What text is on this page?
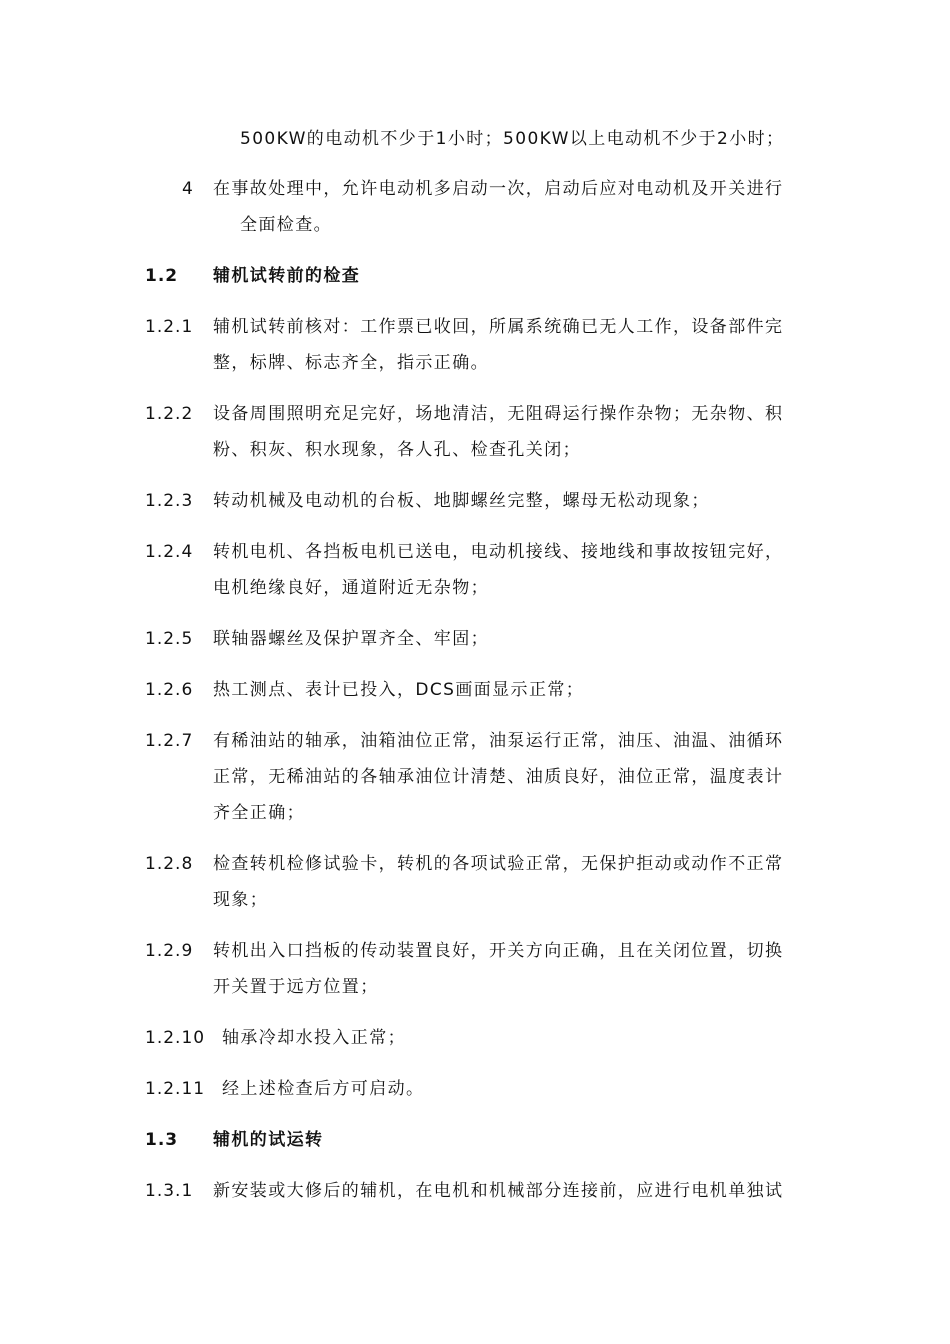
500KW的电动机不少于1小时；500KW以上电动机不少于2小时；
4 在事故处理中，允许电动机多启动一次，启动后应对电动机及开关进行
全面检查。
1.2 辅机试转前的检查
1.2.1 辅机试转前核对：工作票已收回，所属系统确已无人工作，设备部件完
整，标牌、标志齐全，指示正确。
1.2.2 设备周围照明充足完好，场地清洁，无阻碍运行操作杂物；无杂物、积
粉、积灰、积水现象，各人孔、检查孔关闭；
1.2.3 转动机械及电动机的台板、地脚螺丝完整，螺母无松动现象；
1.2.4 转机电机、各挡板电机已送电，电动机接线、接地线和事故按钮完好，
电机绝缘良好，通道附近无杂物；
1.2.5 联轴器螺丝及保护罩齐全、牢固；
1.2.6 热工测点、表计已投入，DCS画面显示正常；
1.2.7 有稀油站的轴承，油箱油位正常，油泵运行正常，油压、油温、油循环
正常，无稀油站的各轴承油位计清楚、油质良好，油位正常，温度表计
齐全正确；
1.2.8 检查转机检修试验卡，转机的各项试验正常，无保护拒动或动作不正常
现象；
1.2.9 转机出入口挡板的传动装置良好，开关方向正确，且在关闭位置，切换
开关置于远方位置；
1.2.10 轴承冷却水投入正常；
1.2.11 经上述检查后方可启动。
1.3 辅机的试运转
1.3.1 新安装或大修后的辅机，在电机和机械部分连接前，应进行电机单独试
